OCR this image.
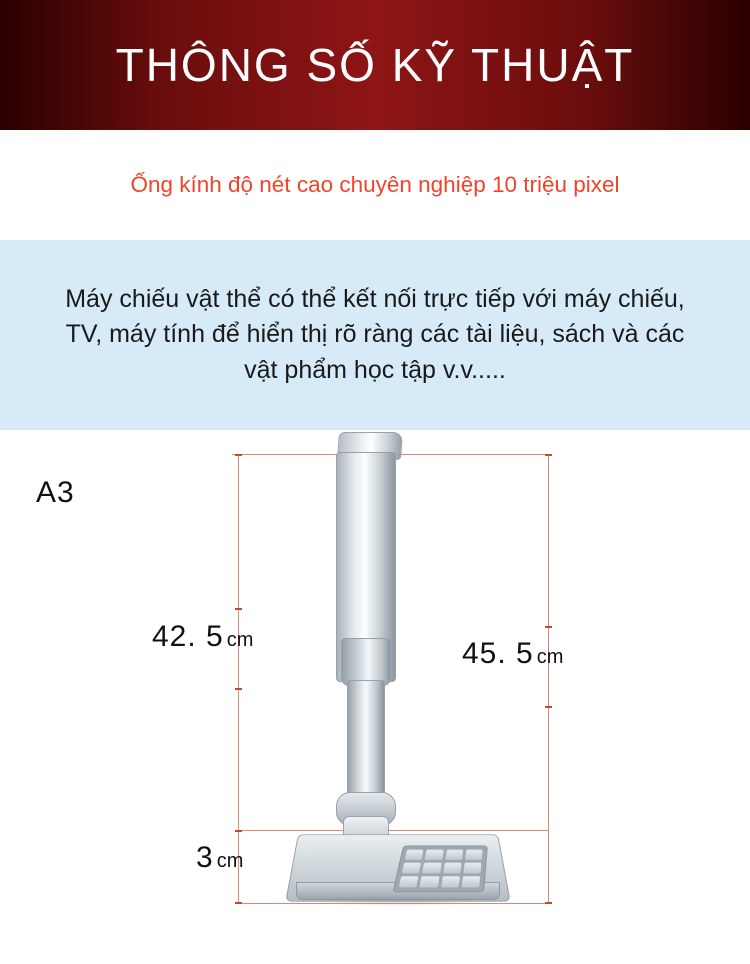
THÔNG SỐ KỸ THUẬT
Ống kính độ nét cao chuyên nghiệp 10 triệu pixel
Máy chiếu vật thể có thể kết nối trực tiếp với máy chiếu, TV, máy tính để hiển thị rõ ràng các tài liệu, sách và các vật phẩm học tập v.v.....
A3
42. 5 cm	45. 5 cm
3 cm
